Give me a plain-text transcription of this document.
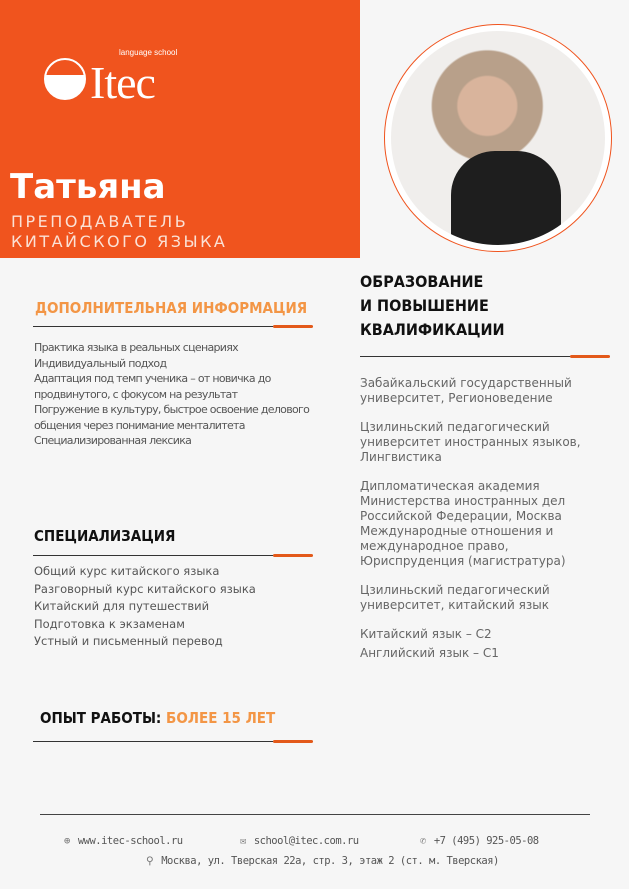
Itec
language school
Татьяна
ПРЕПОДАВАТЕЛЬ
КИТАЙСКОГО ЯЗЫКА
ДОПОЛНИТЕЛЬНАЯ ИНФОРМАЦИЯ
Практика языка в реальных сценариях
Индивидуальный подход
Адаптация под темп ученика – от новичка до продвинутого, с фокусом на результат
Погружение в культуру, быстрое освоение делового общения через понимание менталитета
Специализированная лексика
СПЕЦИАЛИЗАЦИЯ
Общий курс китайского языка
Разговорный курс китайского языка
Китайский для путешествий
Подготовка к экзаменам
Устный и письменный перевод
ОПЫТ РАБОТЫ: БОЛЕЕ 15 ЛЕТ
ОБРАЗОВАНИЕ
И ПОВЫШЕНИЕ
КВАЛИФИКАЦИИ
Забайкальский государственный университет, Регионоведение
Цзилиньский педагогический университет иностранных языков, Лингвистика
Дипломатическая академия Министерства иностранных дел Российской Федерации, Москва Международные отношения и международное право, Юриспруденция (магистратура)
Цзилиньский педагогический университет, китайский язык
Китайский язык – С2
Английский язык – С1
⊕ www.itec-school.ru	✉ school@itec.com.ru	✆ +7 (495) 925-05-08
⚲ Москва, ул. Тверская 22а, стр. 3, этаж 2 (ст. м. Тверская)
